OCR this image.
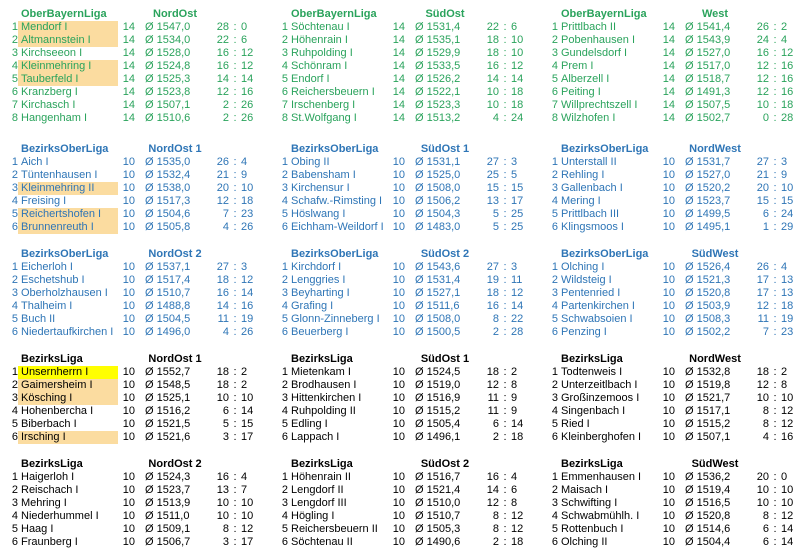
OberBayernLiga	NordOst
1 Mendorf I	14 Ø 1547,0	28 : 0
2 Altmannstein I	14 Ø 1534,0	22 : 6
3 Kirchseeon I	14 Ø 1528,0	16 : 12
4 Kleinmehring I	14 Ø 1524,8	16 : 12
5 Tauberfeld I	14 Ø 1525,3	14 : 14
6 Kranzberg I	14 Ø 1523,8	12 : 16
7 Kirchasch I	14 Ø 1507,1	2 : 26
8 Hangenham I	14 Ø 1510,6	2 : 26
OberBayernLiga	SüdOst
1 Söchtenau I	14 Ø 1531,4	22 : 6
2 Höhenrain I	14 Ø 1535,1	18 : 10
3 Ruhpolding I	14 Ø 1529,9	18 : 10
4 Schönram I	14 Ø 1533,5	16 : 12
5 Endorf I	14 Ø 1526,2	14 : 14
6 Reichersbeuern I	14 Ø 1522,1	10 : 18
7 Irschenberg I	14 Ø 1523,3	10 : 18
8 St.Wolfgang I	14 Ø 1513,2	4 : 24
OberBayernLiga	West
1 Prittlbach II	14 Ø 1541,4	26 : 2
2 Pobenhausen I	14 Ø 1543,9	24 : 4
3 Gundelsdorf I	14 Ø 1527,0	16 : 12
4 Prem I	14 Ø 1517,0	12 : 16
5 Alberzell I	14 Ø 1518,7	12 : 16
6 Peiting I	14 Ø 1491,3	12 : 16
7 Willprechtszell I	14 Ø 1507,5	10 : 18
8 Wilzhofen I	14 Ø 1502,7	0 : 28
BezirksOberLiga	NordOst 1
1 Aich I	10 Ø 1535,0	26 : 4
2 Tüntenhausen I	10 Ø 1532,4	21 : 9
3 Kleinmehring II	10 Ø 1538,0	20 : 10
4 Freising I	10 Ø 1517,3	12 : 18
5 Reichertshofen I	10 Ø 1504,6	7 : 23
6 Brunnenreuth I	10 Ø 1505,8	4 : 26
BezirksOberLiga	SüdOst 1
1 Obing II	10 Ø 1531,1	27 : 3
2 Babensham I	10 Ø 1525,0	25 : 5
3 Kirchensur I	10 Ø 1508,0	15 : 15
4 Schafw.-Rimsting I 10 Ø 1506,2	13 : 17
5 Höslwang I	10 Ø 1504,3	5 : 25
6 Eichham-Weildorf I 10 Ø 1483,0	5 : 25
BezirksOberLiga	NordWest
1 Unterstall II	10 Ø 1531,7	27 : 3
2 Rehling I	10 Ø 1527,0	21 : 9
3 Gallenbach I	10 Ø 1520,2	20 : 10
4 Mering I	10 Ø 1523,7	15 : 15
5 Prittlbach III	10 Ø 1499,5	6 : 24
6 Klingsmoos I	10 Ø 1495,1	1 : 29
BezirksOberLiga	NordOst 2
1 Eicherloh I	10 Ø 1537,1	27 : 3
2 Eschetshub I	10 Ø 1517,4	18 : 12
3 Oberholzhausen I	10 Ø 1510,7	16 : 14
4 Thalheim I	10 Ø 1488,8	14 : 16
5 Buch II	10 Ø 1504,5	11 : 19
6 Niedertaufkirchen I 10 Ø 1496,0	4 : 26
BezirksOberLiga	SüdOst 2
1 Kirchdorf I	10 Ø 1543,6	27 : 3
2 Lenggries I	10 Ø 1531,4	19 : 11
3 Beyharting I	10 Ø 1527,1	18 : 12
4 Grafing I	10 Ø 1511,6	16 : 14
5 Glonn-Zinneberg I	10 Ø 1508,0	8 : 22
6 Beuerberg I	10 Ø 1500,5	2 : 28
BezirksOberLiga	SüdWest
1 Olching I	10 Ø 1526,4	26 : 4
2 Wildsteig I	10 Ø 1521,3	17 : 13
3 Pentenried I	10 Ø 1520,8	17 : 13
4 Partenkirchen I	10 Ø 1503,9	12 : 18
5 Schwabsoien I	10 Ø 1508,3	11 : 19
6 Penzing I	10 Ø 1502,2	7 : 23
BezirksLiga	NordOst 1
1 Unsernherrn I	10 Ø 1552,7	18 : 2
2 Gaimersheim I	10 Ø 1548,5	18 : 2
3 Kösching I	10 Ø 1525,1	10 : 10
4 Hohenbercha I	10 Ø 1516,2	6 : 14
5 Biberbach I	10 Ø 1521,5	5 : 15
6 Irsching I	10 Ø 1521,6	3 : 17
BezirksLiga	SüdOst 1
1 Mietenkam I	10 Ø 1524,5	18 : 2
2 Brodhausen I	10 Ø 1519,0	12 : 8
3 Hittenkirchen I	10 Ø 1516,9	11 : 9
4 Ruhpolding II	10 Ø 1515,2	11 : 9
5 Edling I	10 Ø 1505,4	6 : 14
6 Lappach I	10 Ø 1496,1	2 : 18
BezirksLiga	NordWest
1 Todtenweis I	10 Ø 1532,8	18 : 2
2 Unterzeitlbach I	10 Ø 1519,8	12 : 8
3 Großinzemoos I	10 Ø 1521,7	10 : 10
4 Singenbach I	10 Ø 1517,1	8 : 12
5 Ried I	10 Ø 1515,2	8 : 12
6 Kleinberghofen I	10 Ø 1507,1	4 : 16
BezirksLiga	NordOst 2
1 Haigerloh I	10 Ø 1524,3	16 : 4
2 Reischach I	10 Ø 1523,7	13 : 7
3 Mehring I	10 Ø 1513,9	10 : 10
4 Niederhummel I	10 Ø 1511,0	10 : 10
5 Haag I	10 Ø 1509,1	8 : 12
6 Fraunberg I	10 Ø 1506,7	3 : 17
BezirksLiga	SüdOst 2
1 Höhenrain II	10 Ø 1516,7	16 : 4
2 Lengdorf II	10 Ø 1521,4	14 : 6
3 Lengdorf III	10 Ø 1510,0	12 : 8
4 Högling I	10 Ø 1510,7	8 : 12
5 Reichersbeuern II	10 Ø 1505,3	8 : 12
6 Söchtenau II	10 Ø 1490,6	2 : 18
BezirksLiga	SüdWest
1 Emmenhausen I	10 Ø 1536,2	20 : 0
2 Maisach I	10 Ø 1519,4	10 : 10
3 Schwifting I	10 Ø 1516,5	10 : 10
4 Schwabmühlh. I	10 Ø 1520,8	8 : 12
5 Rottenbuch I	10 Ø 1514,6	6 : 14
6 Olching II	10 Ø 1504,4	6 : 14
